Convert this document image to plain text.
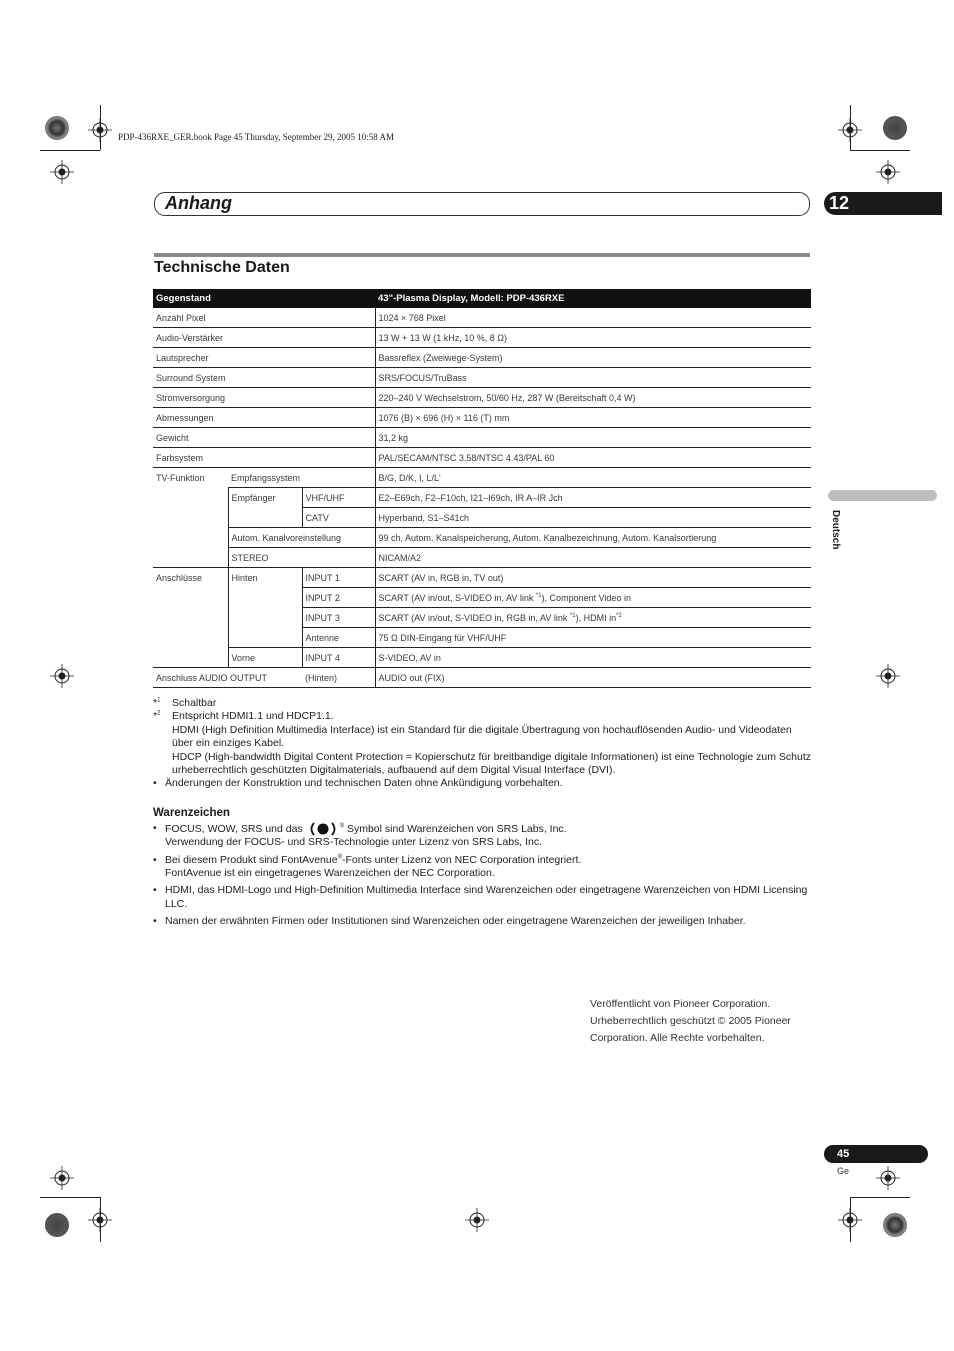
PDP-436RXE_GER.book Page 45 Thursday, September 29, 2005 10:58 AM
Anhang	12
Deutsch
Technische Daten
Gegenstand			43"-Plasma Display, Modell: PDP-436RXE
Anzahl Pixel			1024 × 768 Pixel
Audio-Verstärker			13 W + 13 W (1 kHz, 10 %, 8 Ω)
Lautsprecher			Bassreflex (Zweiwege-System)
Surround System			SRS/FOCUS/TruBass
Stromversorgung			220–240 V Wechselstrom, 50/60 Hz, 287 W (Bereitschaft 0,4 W)
Abmessungen			1076 (B) × 696 (H) × 116 (T) mm
Gewicht			31,2 kg
Farbsystem			PAL/SECAM/NTSC 3.58/NTSC 4.43/PAL 60
TV-Funktion	Empfangssystem		B/G, D/K, I, L/L'
	Empfänger	VHF/UHF	E2–E69ch, F2–F10ch, I21–I69ch, IR A–IR Jch
		CATV	Hyperband, S1–S41ch
	Autom. Kanalvoreinstellung		99 ch, Autom. Kanalspeicherung, Autom. Kanalbezeichnung, Autom. Kanalsortierung
	STEREO		NICAM/A2
Anschlüsse	Hinten	INPUT 1	SCART (AV in, RGB in, TV out)
		INPUT 2	SCART (AV in/out, S-VIDEO in, AV link $^{*1}$), Component Video in
		INPUT 3	SCART (AV in/out, S-VIDEO in, RGB in, AV link $^{*1}$), HDMI $in^{*2}$
		Antenne	75 Ω DIN-Eingang für VHF/UHF
	Vorne	INPUT 4	S-VIDEO, AV in
Anschluss AUDIO OUTPUT		(Hinten)	AUDIO out (FIX)
*$^1$	Schaltbar
*$^2$	Entspricht HDMI1.1 und HDCP1.1.
HDMI (High Definition Multimedia Interface) ist ein Standard für die digitale Übertragung von hochauflösenden Audio- und Videodaten über ein einziges Kabel.
HDCP (High-bandwidth Digital Content Protection = Kopierschutz für breitbandige digitale Informationen) ist eine Technologie zum Schutz urheberrechtlich geschützten Digitalmaterials, aufbauend auf dem Digital Visual Interface (DVI).
• Änderungen der Konstruktion und technischen Daten ohne Ankündigung vorbehalten.
Warenzeichen
• FOCUS, WOW, SRS und das	® Symbol sind Warenzeichen von SRS Labs, Inc.
Verwendung der FOCUS- und SRS-Technologie unter Lizenz von SRS Labs, Inc.
• Bei diesem Produkt sind FontAvenue®-Fonts unter Lizenz von NEC Corporation integriert.
FontAvenue ist ein eingetragenes Warenzeichen der NEC Corporation.
• HDMI, das HDMI-Logo und High-Definition Multimedia Interface sind Warenzeichen oder eingetragene Warenzeichen von HDMI Licensing LLC.
• Namen der erwähnten Firmen oder Institutionen sind Warenzeichen oder eingetragene Warenzeichen der jeweiligen Inhaber.
Veröffentlicht von Pioneer Corporation.
Urheberrechtlich geschützt © 2005 Pioneer
Corporation. Alle Rechte vorbehalten.
45
Ge
